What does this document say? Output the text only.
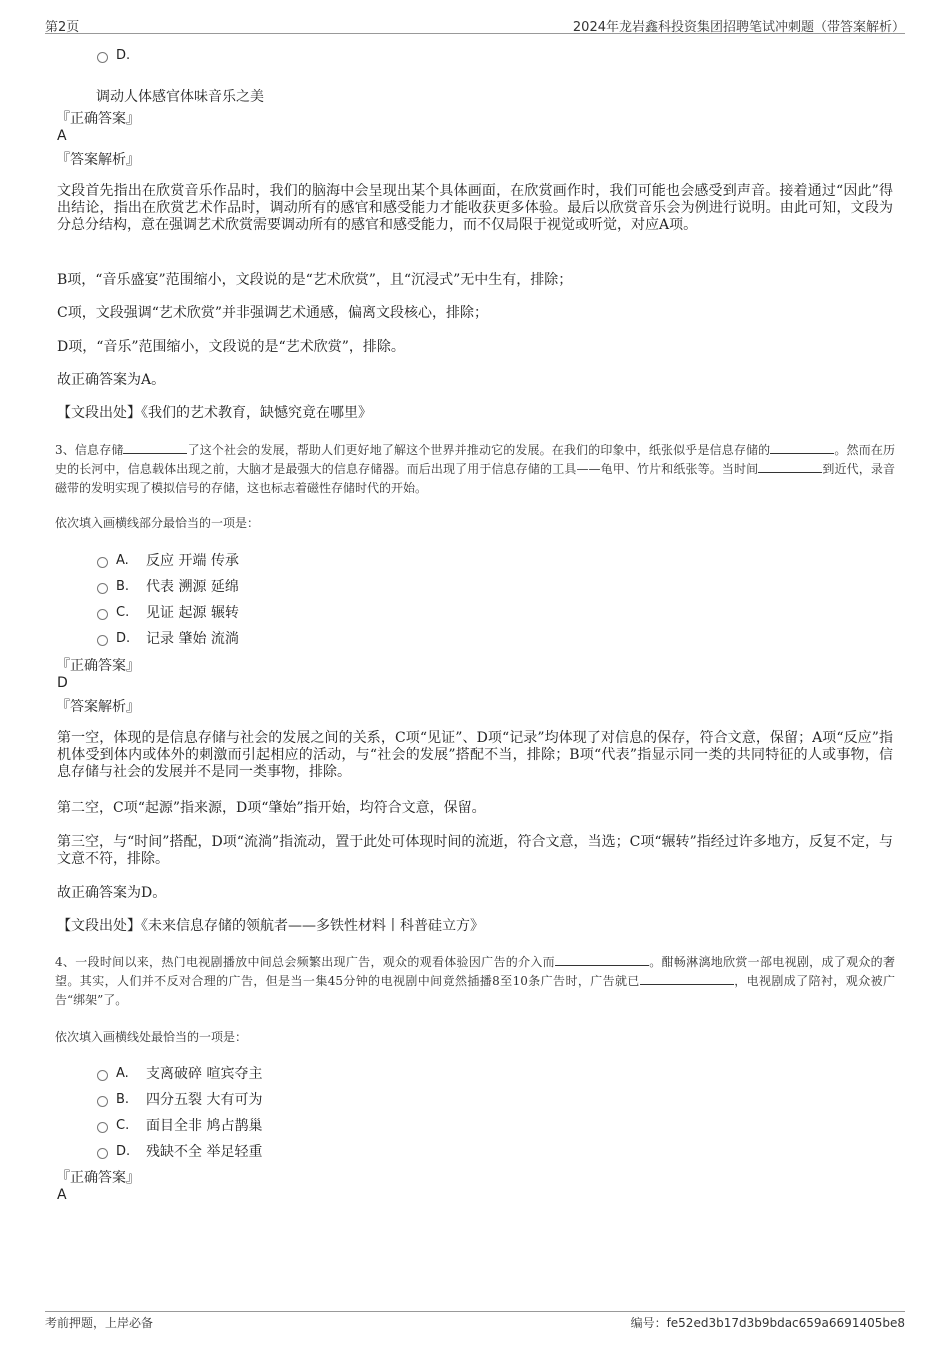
第2页	2024年龙岩鑫科投资集团招聘笔试冲刺题（带答案解析）
D.
调动人体感官体味音乐之美
『正确答案』
A
『答案解析』
文段首先指出在欣赏音乐作品时，我们的脑海中会呈现出某个具体画面，在欣赏画作时，我们可能也会感受到声音。接着通过“因此”得出结论，指出在欣赏艺术作品时，调动所有的感官和感受能力才能收获更多体验。最后以欣赏音乐会为例进行说明。由此可知，文段为分总分结构，意在强调艺术欣赏需要调动所有的感官和感受能力，而不仅局限于视觉或听觉，对应A项。
B项，“音乐盛宴”范围缩小，文段说的是“艺术欣赏”，且“沉浸式”无中生有，排除；
C项，文段强调“艺术欣赏”并非强调艺术通感，偏离文段核心，排除；
D项，“音乐”范围缩小，文段说的是“艺术欣赏”，排除。
故正确答案为A。
【文段出处】《我们的艺术教育，缺憾究竟在哪里》
3、信息存储	了这个社会的发展，帮助人们更好地了解这个世界并推动它的发展。在我们的印象中，纸张似乎是信息存储的	。然而在历史的长河中，信息载体出现之前，大脑才是最强大的信息存储器。而后出现了用于信息存储的工具——龟甲、竹片和纸张等。当时间	到近代，录音磁带的发明实现了模拟信号的存储，这也标志着磁性存储时代的开始。
依次填入画横线部分最恰当的一项是：
A.	反应 开端 传承
B.	代表 溯源 延绵
C.	见证 起源 辗转
D.	记录 肇始 流淌
『正确答案』
D
『答案解析』
第一空，体现的是信息存储与社会的发展之间的关系，C项“见证”、D项“记录”均体现了对信息的保存，符合文意，保留；A项“反应”指机体受到体内或体外的刺激而引起相应的活动，与“社会的发展”搭配不当，排除；B项“代表”指显示同一类的共同特征的人或事物，信息存储与社会的发展并不是同一类事物，排除。
第二空，C项“起源”指来源，D项“肇始”指开始，均符合文意，保留。
第三空，与“时间”搭配，D项“流淌”指流动，置于此处可体现时间的流逝，符合文意，当选；C项“辗转”指经过许多地方，反复不定，与文意不符，排除。
故正确答案为D。
【文段出处】《未来信息存储的领航者——多铁性材料丨科普硅立方》
4、一段时间以来，热门电视剧播放中间总会频繁出现广告，观众的观看体验因广告的介入而	。酣畅淋漓地欣赏一部电视剧，成了观众的奢望。其实，人们并不反对合理的广告，但是当一集45分钟的电视剧中间竟然插播8至10条广告时，广告就已	，电视剧成了陪衬，观众被广告“绑架”了。
依次填入画横线处最恰当的一项是：
A.	支离破碎 喧宾夺主
B.	四分五裂 大有可为
C.	面目全非 鸠占鹊巢
D.	残缺不全 举足轻重
『正确答案』
A
考前押题，上岸必备	编号：fe52ed3b17d3b9bdac659a6691405be8
